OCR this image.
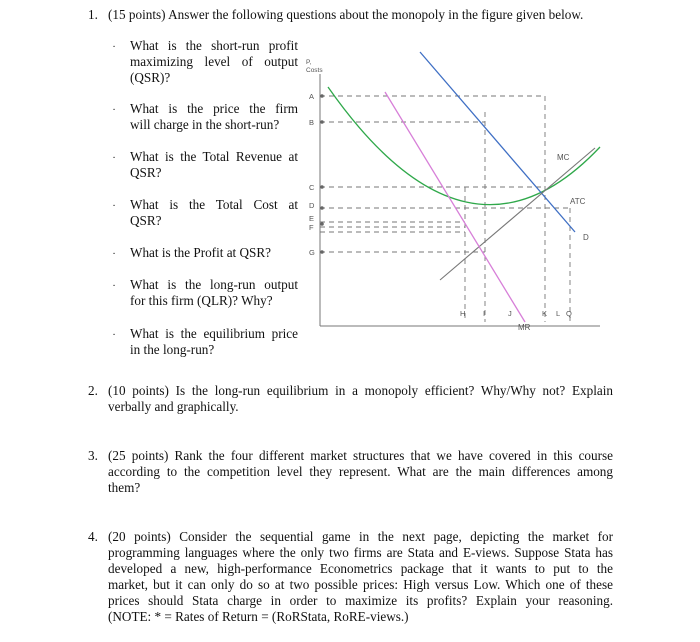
1. (15 points) Answer the following questions about the monopoly in the figure given below.
· What is the short-run profit
maximizing level of output
(QSR)?
· What is the price the firm
will charge in the short-run?
· What is the Total Revenue at
QSR?
· What is the Total Cost at
QSR?
· What is the Profit at QSR?
· What is the long-run output
for this firm (QLR)? Why?
· What is the equilibrium price
in the long-run?
P,
Costs
A
B
C
D
E
F
G
H I	J	K L Q
MC
ATC
D
MR
2. (10 points) Is the long-run equilibrium in a monopoly efficient? Why/Why not? Explain
verbally and graphically.
3. (25 points) Rank the four different market structures that we have covered in this course
according to the competition level they represent. What are the main differences among
them?
4. (20 points) Consider the sequential game in the next page, depicting the market for
programming languages where the only two firms are Stata and E-views. Suppose Stata has
developed a new, high-performance Econometrics package that it wants to put to the
market, but it can only do so at two possible prices: High versus Low. Which one of these
prices should Stata charge in order to maximize its profits? Explain your reasoning.
(NOTE: * = Rates of Return = (RoRStata, RoRE-views.)
